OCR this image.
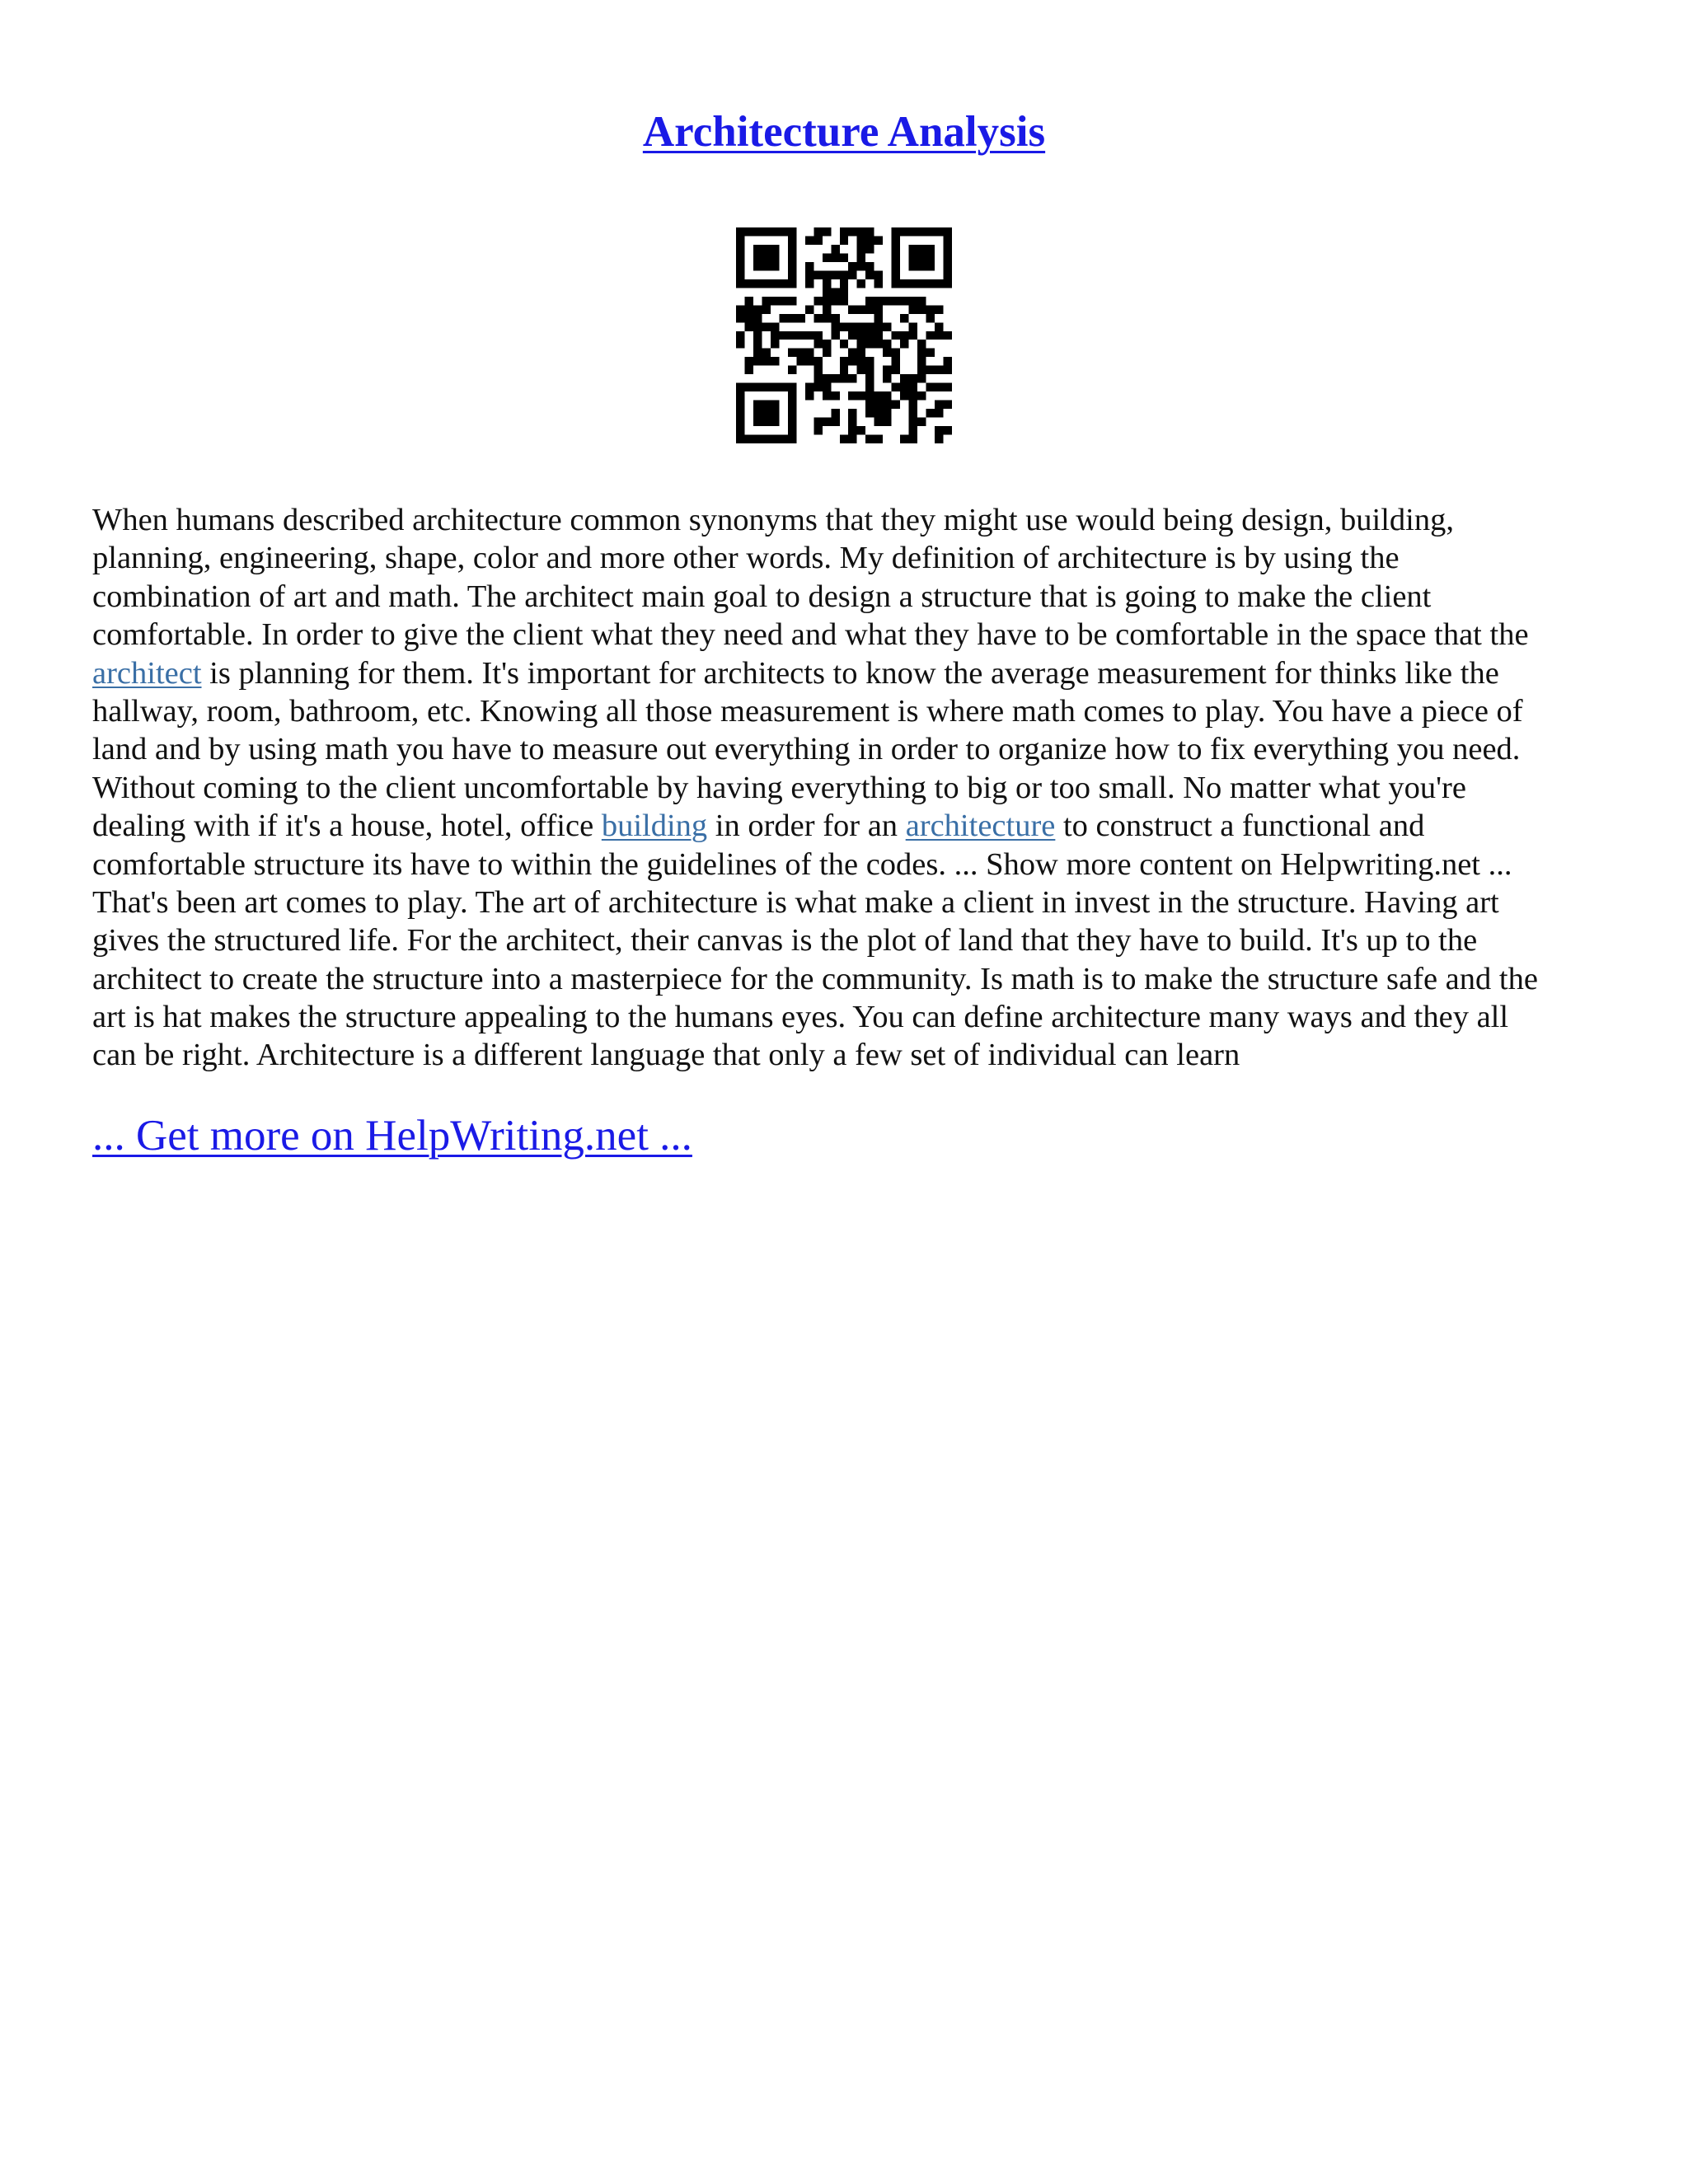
Architecture Analysis
When humans described architecture common synonyms that they might use would being design, building,
planning, engineering, shape, color and more other words. My definition of architecture is by using the
combination of art and math. The architect main goal to design a structure that is going to make the client
comfortable. In order to give the client what they need and what they have to be comfortable in the space that the
architect is planning for them. It's important for architects to know the average measurement for thinks like the
hallway, room, bathroom, etc. Knowing all those measurement is where math comes to play. You have a piece of
land and by using math you have to measure out everything in order to organize how to fix everything you need.
Without coming to the client uncomfortable by having everything to big or too small. No matter what you're
dealing with if it's a house, hotel, office building in order for an architecture to construct a functional and
comfortable structure its have to within the guidelines of the codes. ... Show more content on Helpwriting.net ...
That's been art comes to play. The art of architecture is what make a client in invest in the structure. Having art
gives the structured life. For the architect, their canvas is the plot of land that they have to build. It's up to the
architect to create the structure into a masterpiece for the community. Is math is to make the structure safe and the
art is hat makes the structure appealing to the humans eyes. You can define architecture many ways and they all
can be right. Architecture is a different language that only a few set of individual can learn
... Get more on HelpWriting.net ...
